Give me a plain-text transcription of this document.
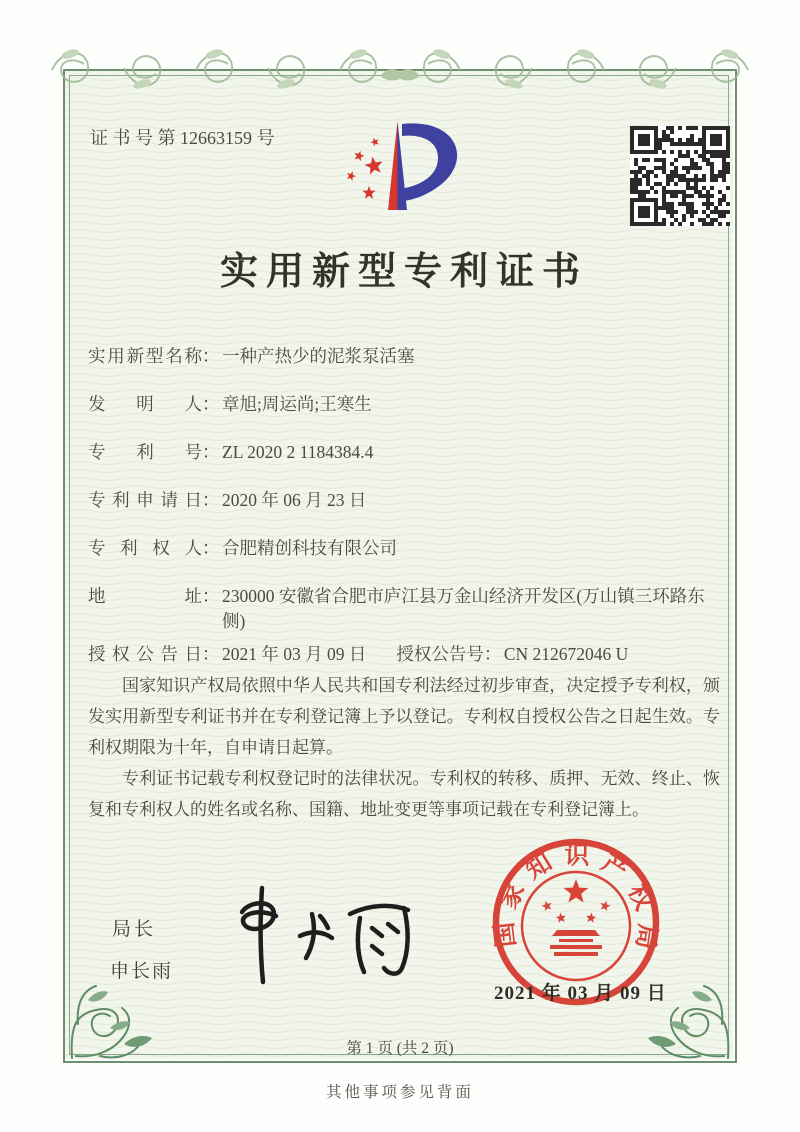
证 书 号 第 12663159 号
实用新型专利证书
实用新型名称 ： 一种产热少的泥浆泵活塞
发明人 ： 章旭;周运尚;王寒生
专利号 ： ZL 2020 2 1184384.4
专利申请日 ： 2020 年 06 月 23 日
专利权人 ： 合肥精创科技有限公司
地址 ： 230000 安徽省合肥市庐江县万金山经济开发区(万山镇三环路东侧)
授权公告日 ： 2021 年 03 月 09 日 授权公告号 ： CN 212672046 U

国家知识产权局依照中华人民共和国专利法经过初步审查，决定授予专利权，颁发实用新型专利证书并在专利登记簿上予以登记。专利权自授权公告之日起生效。专利权期限为十年，自申请日起算。

专利证书记载专利权登记时的法律状况。专利权的转移、质押、无效、终止、恢复和专利权人的姓名或名称、国籍、地址变更等事项记载在专利登记簿上。

局长
申长雨
国家知识产权局
2021 年 03 月 09 日
第 1 页 (共 2 页)
其他事项参见背面
